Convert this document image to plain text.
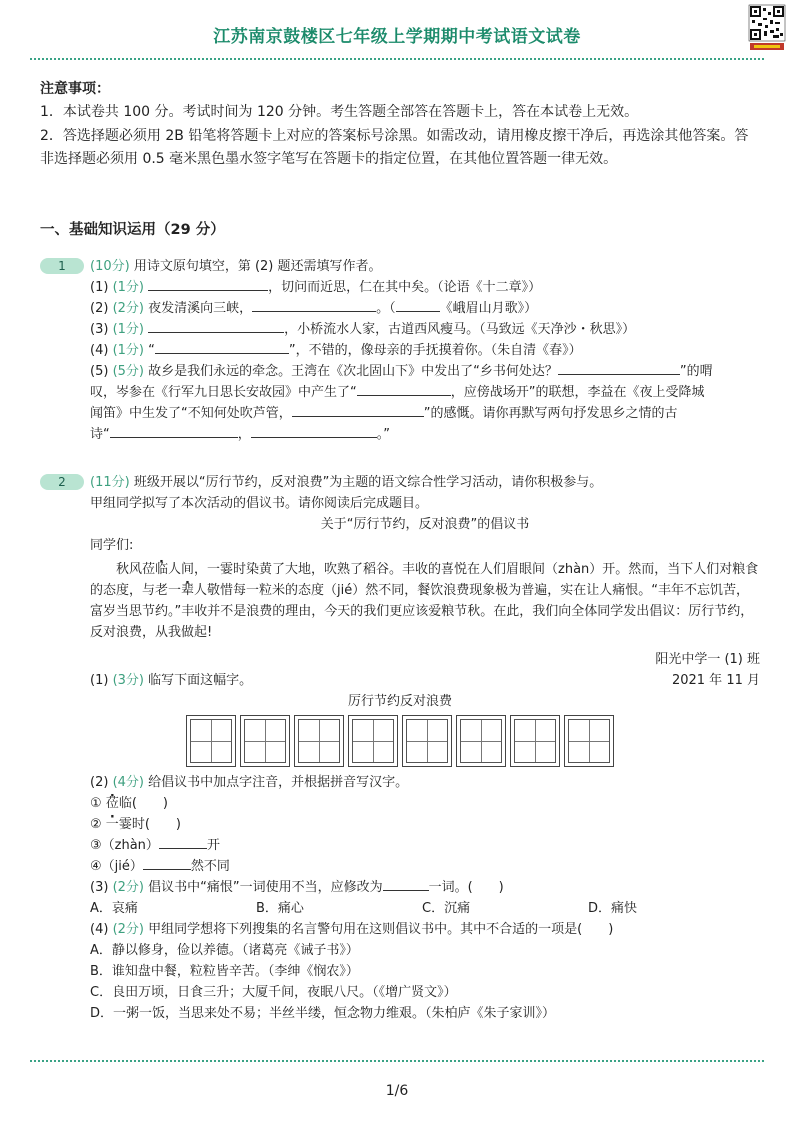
江苏南京鼓楼区七年级上学期期中考试语文试卷
注意事项：

1．本试卷共 100 分。考试时间为 120 分钟。考生答题全部答在答题卡上，答在本试卷上无效。

2．答选择题必须用 2B 铅笔将答题卡上对应的答案标号涂黑。如需改动，请用橡皮擦干净后，再选涂其他答案。答非选择题必须用 0.5 毫米黑色墨水签字笔写在答题卡的指定位置，在其他位置答题一律无效。

一、基础知识运用（29 分）
1	(10分) 用诗文原句填空，第 (2) 题还需填写作者。
(1) (1分)	，切问而近思，仁在其中矣。（论语《十二章》）
(2) (2分) 夜发清溪向三峡，	。（	《峨眉山月歌》）
(3) (1分)	，小桥流水人家，古道西风瘦马。（马致远《天净沙・秋思》）
(4) (1分) “	”，不错的，像母亲的手抚摸着你。（朱自清《春》）
(5) (5分) 故乡是我们永远的牵念。王湾在《次北固山下》中发出了“乡书何处达？	”的喟
叹，岑参在《行军九日思长安故园》中产生了“	，应傍战场开”的联想，李益在《夜上受降城
闻笛》中生发了“不知何处吹芦管，	”的感慨。请你再默写两句抒发思乡之情的古
诗“	，	。”
2	(11分) 班级开展以“厉行节约，反对浪费”为主题的语文综合性学习活动，请你积极参与。
甲组同学拟写了本次活动的倡议书。请你阅读后完成题目。
关于“厉行节约，反对浪费”的倡议书
同学们:
秋风莅临人间，一霎时染黄了大地，吹熟了稻谷。丰收的喜悦在人们眉眼间（zhàn）开。然而，当下人们对粮食的态度，与老一辈人敬惜每一粒米的态度（jié）然不同，餐饮浪费现象极为普遍，实在让人痛恨。“丰年不忘饥苦，富岁当思节约。”丰收并不是浪费的理由，今天的我们更应该爱粮节秋。在此，我们向全体同学发出倡议：厉行节约，反对浪费，从我做起!
阳光中学一 (1) 班
(1) (3分) 临写下面这幅字。	2021 年 11 月
厉行节约反对浪费
(2) (4分) 给倡议书中加点字注音，并根据拼音写汉字。
① 莅临(　　)
② 一霎时(　　)
③（zhàn）	开
④（jié）	然不同
(3) (2分) 倡议书中“痛恨”一词使用不当，应修改为	一词。(　　)
A．哀痛	B．痛心	C．沉痛	D．痛快
(4) (2分) 甲组同学想将下列搜集的名言警句用在这则倡议书中。其中不合适的一项是(　　)
A．静以修身，俭以养德。（诸葛亮《诫子书》）
B．谁知盘中餐，粒粒皆辛苦。（李绅《悯农》）
C．良田万顷，日食三升；大厦千间，夜眠八尺。（《增广贤文》）
D．一粥一饭，当思来处不易；半丝半缕，恒念物力维艰。（朱柏庐《朱子家训》）
1/6
